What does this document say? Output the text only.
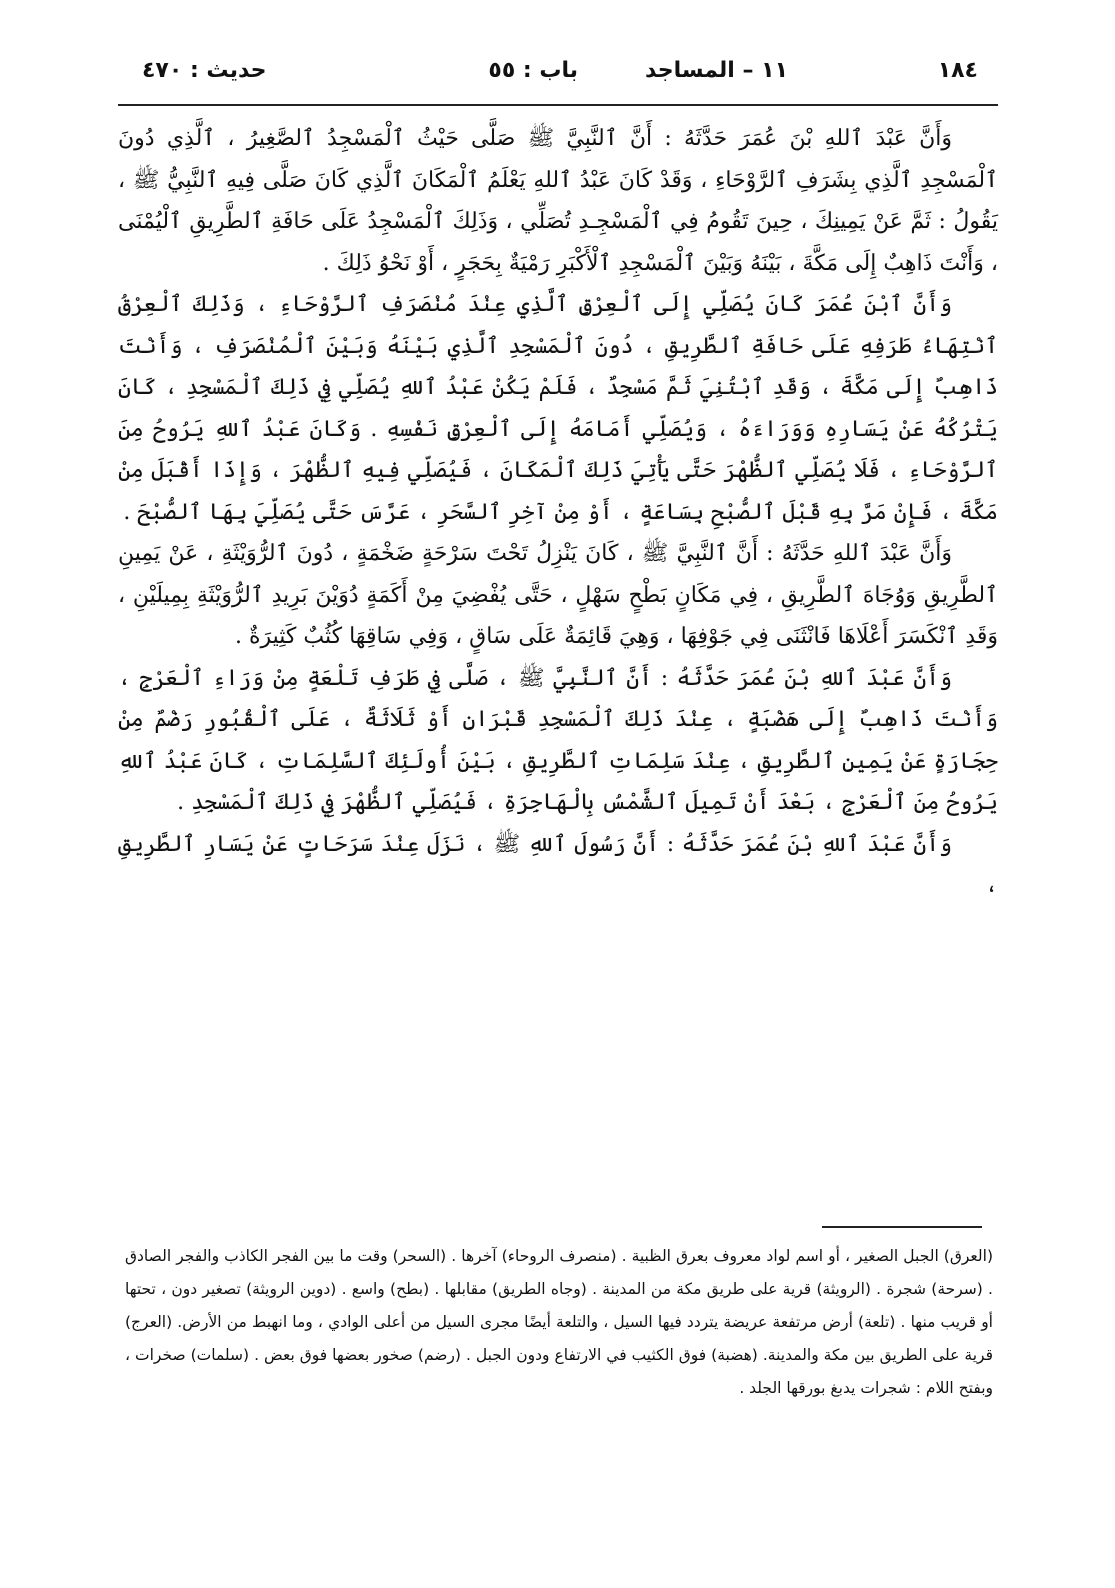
١٨٤
١١ – المساجد
باب : ٥٥
حديث : ٤٧٠

وَأَنَّ عَبْدَ ٱللهِ بْنَ عُمَرَ حَدَّثَهُ : أَنَّ ٱلنَّبِيَّ ﷺ صَلَّى حَيْثُ ٱلْمَسْجِدُ ٱلصَّغِيرُ ، ٱلَّذِي دُونَ ٱلْمَسْجِدِ ٱلَّذِي بِشَرَفِ ٱلرَّوْحَاءِ ، وَقَدْ كَانَ عَبْدُ ٱللهِ يَعْلَمُ ٱلْمَكَانَ ٱلَّذِي كَانَ صَلَّى فِيهِ ٱلنَّبِيُّ ﷺ ، يَقُولُ : ثَمَّ عَنْ يَمِينِكَ ، حِينَ تَقُومُ فِي ٱلْمَسْجِـدِ تُصَلِّي ، وَذَلِكَ ٱلْمَسْجِدُ عَلَى حَافَةِ ٱلطَّرِيقِ ٱلْيُمْنَى ، وَأَنْتَ ذَاهِبٌ إِلَى مَكَّةَ ، بَيْنَهُ وَبَيْنَ ٱلْمَسْجِدِ ٱلْأَكْبَرِ رَمْيَةٌ بِحَجَرٍ ، أَوْ نَحْوُ ذَلِكَ .

وَأَنَّ ٱبْنَ عُمَرَ كَانَ يُصَلِّي إِلَى ٱلْعِرْقِ ٱلَّذِي عِنْدَ مُنْصَرَفِ ٱلرَّوْحَاءِ ، وَذَلِكَ ٱلْعِرْقُ ٱنْتِهَاءُ طَرَفِهِ عَلَى حَافَةِ ٱلطَّرِيقِ ، دُونَ ٱلْمَسْجِدِ ٱلَّذِي بَيْنَهُ وَبَيْنَ ٱلْمُنْصَرَفِ ، وَأَنْتَ ذَاهِبٌ إِلَى مَكَّةَ ، وَقَدِ ٱبْتُنِيَ ثَمَّ مَسْجِدٌ ، فَلَمْ يَكُنْ عَبْدُ ٱللهِ يُصَلِّي فِي ذَلِكَ ٱلْمَسْجِدِ ، كَانَ يَتْرُكُهُ عَنْ يَسَارِهِ وَوَرَاءَهُ ، وَيُصَلِّي أَمَامَهُ إِلَى ٱلْعِرْقِ نَفْسِهِ . وَكَانَ عَبْدُ ٱللهِ يَرُوحُ مِنَ ٱلرَّوْحَاءِ ، فَلَا يُصَلِّي ٱلظُّهْرَ حَتَّى يَأْتِيَ ذَلِكَ ٱلْمَكَانَ ، فَيُصَلِّي فِيهِ ٱلظُّهْرَ ، وَإِذَا أَقْبَلَ مِنْ مَكَّةَ ، فَإِنْ مَرَّ بِهِ قَبْلَ ٱلصُّبْحِ بِسَاعَةٍ ، أَوْ مِنْ آخِرِ ٱلسَّحَرِ ، عَرَّسَ حَتَّى يُصَلِّيَ بِهَا ٱلصُّبْحَ .

وَأَنَّ عَبْدَ ٱللهِ حَدَّثَهُ : أَنَّ ٱلنَّبِيَّ ﷺ ، كَانَ يَنْزِلُ تَحْتَ سَرْحَةٍ ضَخْمَةٍ ، دُونَ ٱلرُّوَيْثَةِ ، عَنْ يَمِينِ ٱلطَّرِيقِ وَوُجَاهَ ٱلطَّرِيقِ ، فِي مَكَانٍ بَطْحٍ سَهْلٍ ، حَتَّى يُفْضِيَ مِنْ أَكَمَةٍ دُوَيْنَ بَرِيدِ ٱلرُّوَيْثَةِ بِمِيلَيْنِ ، وَقَدِ ٱنْكَسَرَ أَعْلَاهَا فَانْثَنَى فِي جَوْفِهَا ، وَهِيَ قَائِمَةٌ عَلَى سَاقٍ ، وَفِي سَاقِهَا كُثُبٌ كَثِيرَةٌ .

وَأَنَّ عَبْدَ ٱللهِ بْنَ عُمَرَ حَدَّثَهُ : أَنَّ ٱلنَّبِيَّ ﷺ ، صَلَّى فِي طَرَفِ تَلْعَةٍ مِنْ وَرَاءِ ٱلْعَرْجِ ، وَأَنْتَ ذَاهِبٌ إِلَى هَضْبَةٍ ، عِنْدَ ذَلِكَ ٱلْمَسْجِدِ قَبْرَانِ أَوْ ثَلَاثَةٌ ، عَلَى ٱلْقُبُورِ رَضْمٌ مِنْ حِجَارَةٍ عَنْ يَمِينِ ٱلطَّرِيقِ ، عِنْدَ سَلِمَاتِ ٱلطَّرِيقِ ، بَيْنَ أُولَئِكَ ٱلسَّلِمَاتِ ، كَانَ عَبْدُ ٱللهِ يَرُوحُ مِنَ ٱلْعَرْجِ ، بَعْدَ أَنْ تَمِيلَ ٱلشَّمْسُ بِالْهَاجِرَةِ ، فَيُصَلِّي ٱلظُّهْرَ فِي ذَلِكَ ٱلْمَسْجِدِ .

وَأَنَّ عَبْدَ ٱللهِ بْنَ عُمَرَ حَدَّثَهُ : أَنَّ رَسُولَ ٱللهِ ﷺ ، نَزَلَ عِنْدَ سَرَحَاتٍ عَنْ يَسَارِ ٱلطَّرِيقِ ،

(العرق) الجبل الصغير ، أو اسم لواد معروف بعرق الظبية . (منصرف الروحاء) آخرها . (السحر) وقت ما بين الفجر الكاذب والفجر الصادق . (سرحة) شجرة . (الرويثة) قرية على طريق مكة من المدينة . (وجاه الطريق) مقابلها . (بطح) واسع . (دوين الرويثة) تصغير دون ، تحتها أو قريب منها . (تلعة) أرض مرتفعة عريضة يتردد فيها السيل ، والتلعة أيضًا مجرى السيل من أعلى الوادي ، وما انهبط من الأرض. (العرج) قرية على الطريق بين مكة والمدينة. (هضبة) فوق الكثيب في الارتفاع ودون الجبل . (رضم) صخور بعضها فوق بعض . (سلمات) صخرات ، وبفتح اللام : شجرات يدبغ بورقها الجلد .
